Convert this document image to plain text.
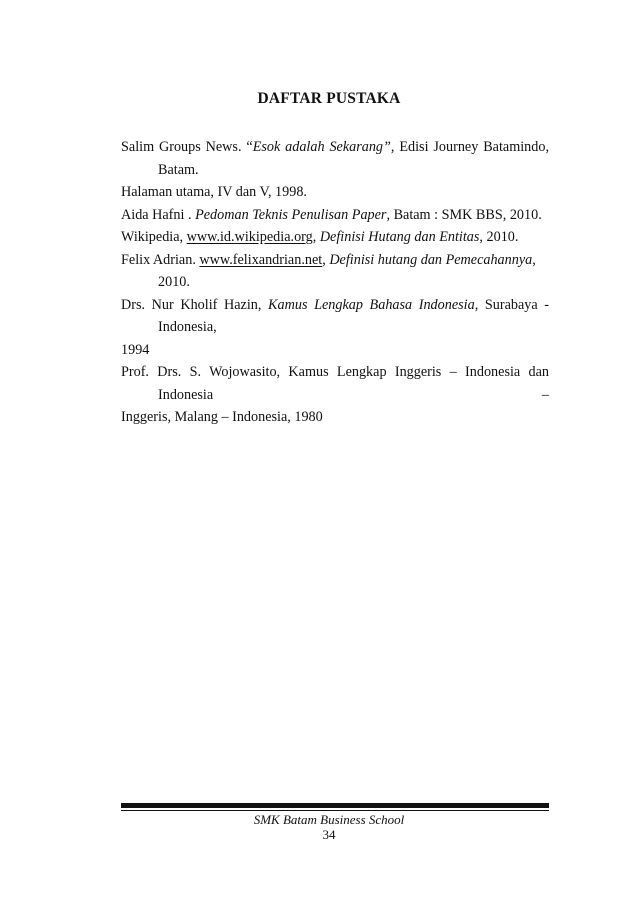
DAFTAR PUSTAKA

Salim Groups News. “Esok adalah Sekarang”, Edisi Journey Batamindo, Batam.
Halaman utama, IV dan V, 1998.

Aida Hafni . Pedoman Teknis Penulisan Paper, Batam : SMK BBS, 2010.

Wikipedia, www.id.wikipedia.org, Definisi Hutang dan Entitas, 2010.

Felix Adrian. www.felixandrian.net, Definisi hutang dan Pemecahannya, 2010.

Drs. Nur Kholif Hazin, Kamus Lengkap Bahasa Indonesia, Surabaya - Indonesia,
1994

Prof. Drs. S. Wojowasito, Kamus Lengkap Inggeris – Indonesia dan Indonesia –
Inggeris, Malang – Indonesia, 1980

SMK Batam Business School
34
